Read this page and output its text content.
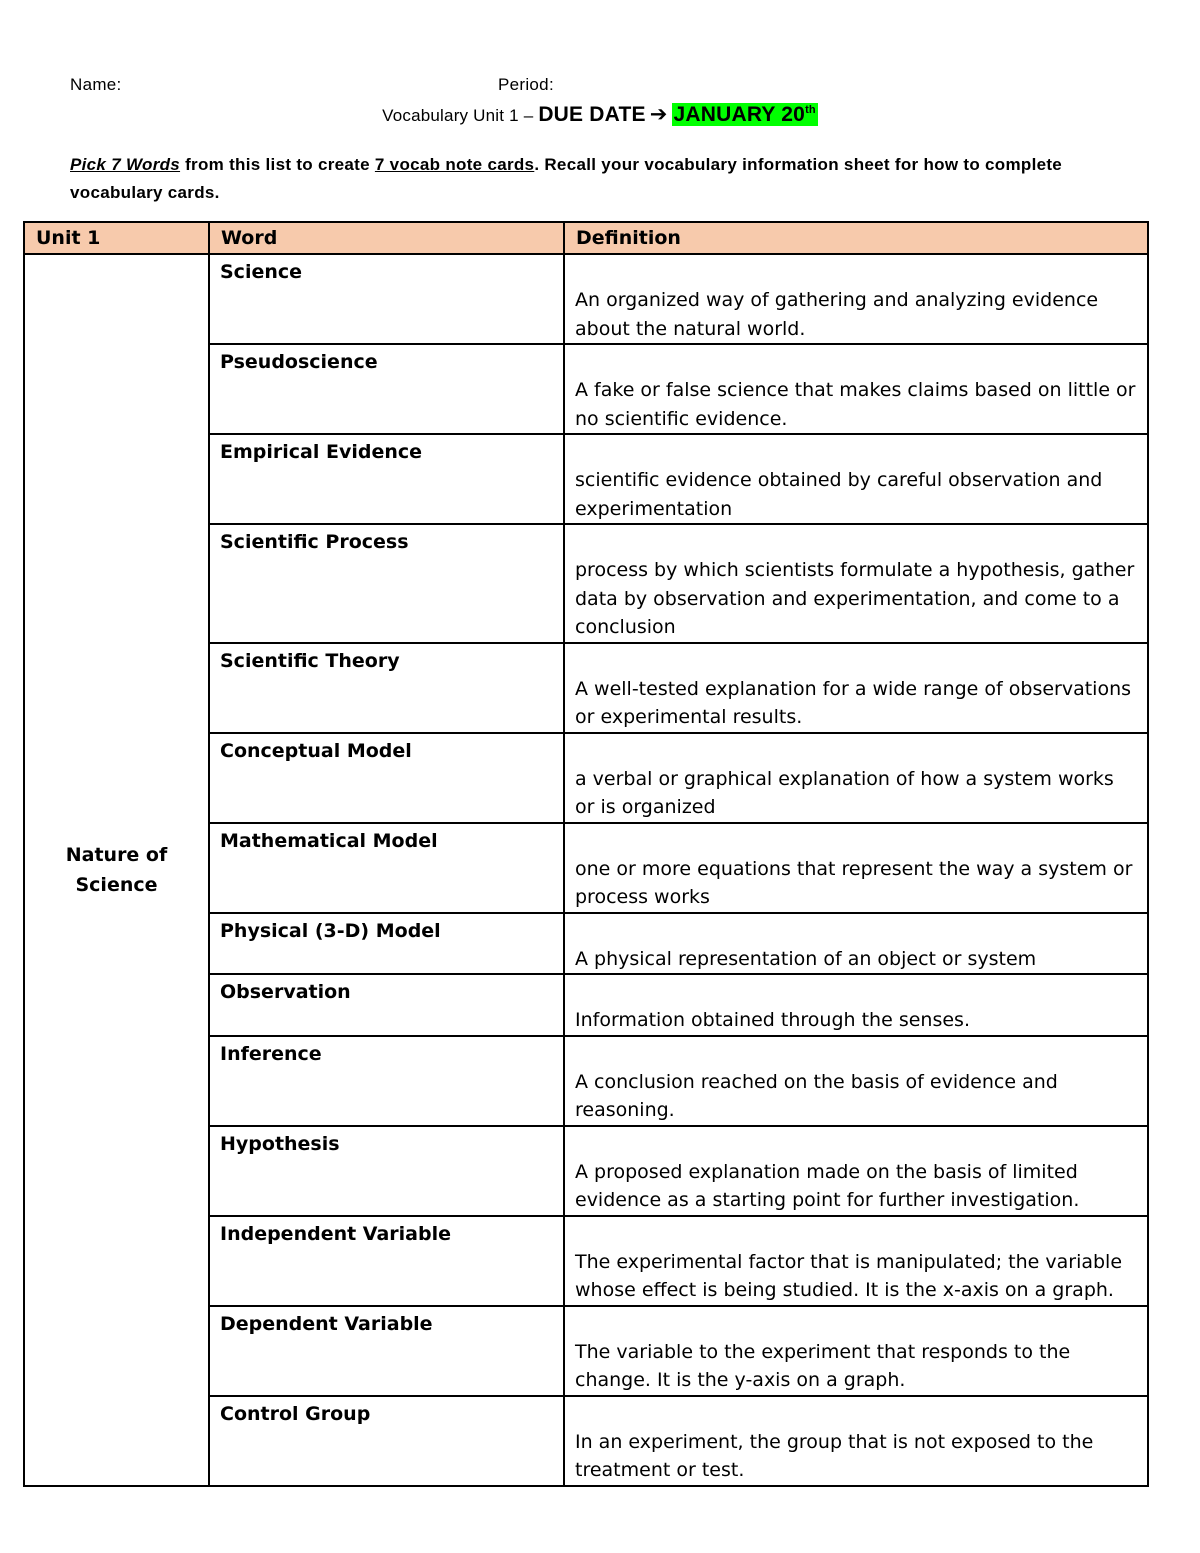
Name:	Period:
Vocabulary Unit 1 – DUE DATE ➔ JANUARY 20th
Pick 7 Words from this list to create 7 vocab note cards. Recall your vocabulary information sheet for how to complete vocabulary cards.
Unit 1	Word	Definition

Nature of
Science	Science	An organized way of gathering and analyzing evidence about the natural world.
	Pseudoscience	A fake or false science that makes claims based on little or no scientific evidence.
	Empirical Evidence	scientific evidence obtained by careful observation and experimentation
	Scientific Process	process by which scientists formulate a hypothesis, gather data by observation and experimentation, and come to a conclusion
	Scientific Theory	A well-tested explanation for a wide range of observations or experimental results.
	Conceptual Model	a verbal or graphical explanation of how a system works or is organized
	Mathematical Model	one or more equations that represent the way a system or process works
	Physical (3-D) Model	A physical representation of an object or system
	Observation	Information obtained through the senses.
	Inference	A conclusion reached on the basis of evidence and reasoning.
	Hypothesis	A proposed explanation made on the basis of limited evidence as a starting point for further investigation.
	Independent Variable	The experimental factor that is manipulated; the variable whose effect is being studied. It is the x-axis on a graph.
	Dependent Variable	The variable to the experiment that responds to the change. It is the y-axis on a graph.
	Control Group	In an experiment, the group that is not exposed to the treatment or test.
